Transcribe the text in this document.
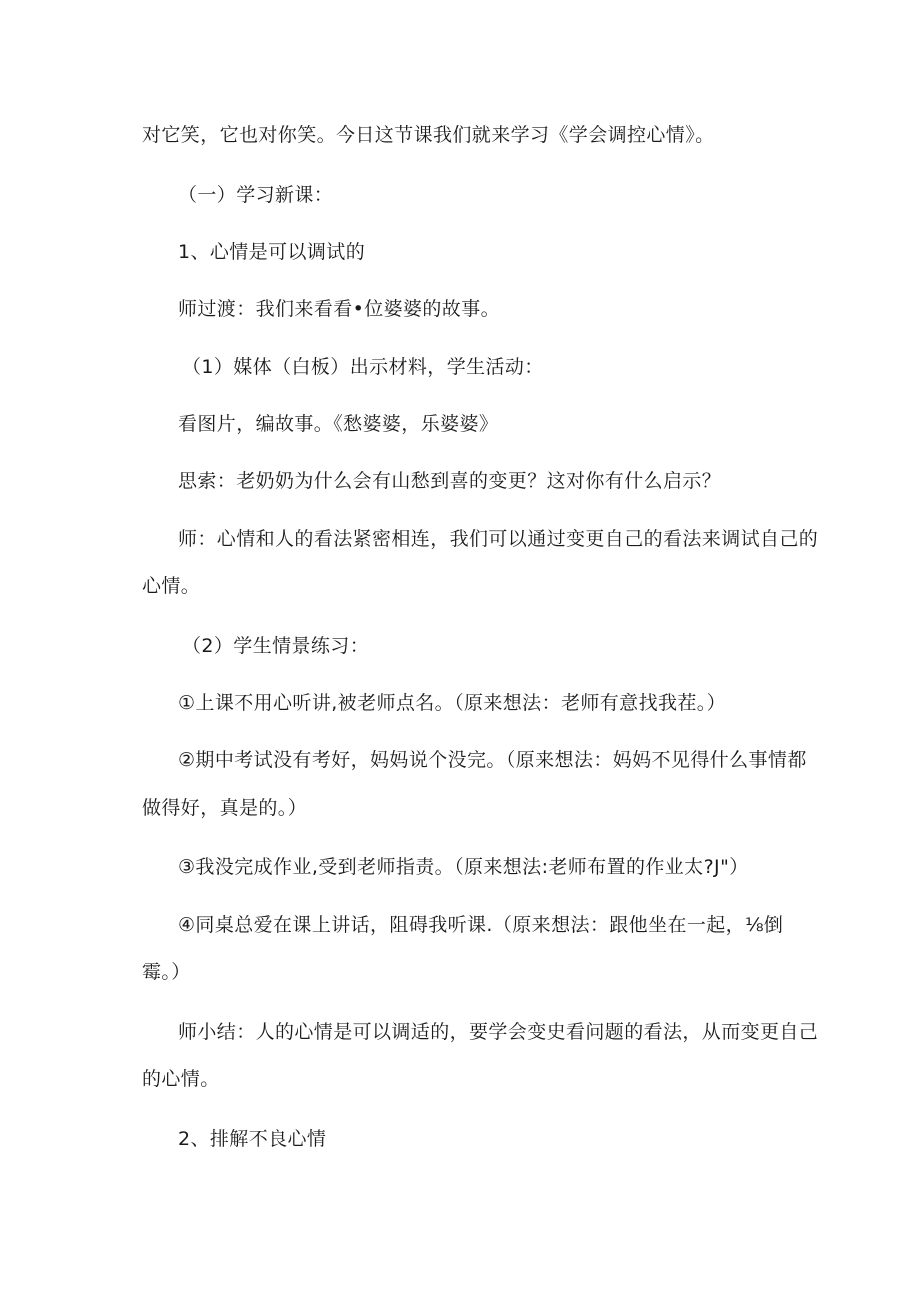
对它笑，它也对你笑。今日这节课我们就来学习《学会调控心情》。

（一）学习新课：

1、心情是可以调试的

师过渡：我们来看看•位婆婆的故事。

（1）媒体（白板）出示材料，学生活动：

看图片，编故事。《愁婆婆，乐婆婆》

思索：老奶奶为什么会有山愁到喜的变更？这对你有什么启示？

师：心情和人的看法紧密相连，我们可以通过变更自己的看法来调试自己的

心情。

（2）学生情景练习：

①上课不用心听讲,被老师点名。（原来想法：老师有意找我茬。）

②期中考试没有考好，妈妈说个没完。（原来想法：妈妈不见得什么事情都

做得好，真是的。）

③我没完成作业,受到老师指责。（原来想法:老师布置的作业太?J"）

④同桌总爱在课上讲话，阻碍我听课.（原来想法：跟他坐在一起，⅛倒

霉。）

师小结：人的心情是可以调适的，要学会变史看问题的看法，从而变更自己

的心情。

2、排解不良心情
